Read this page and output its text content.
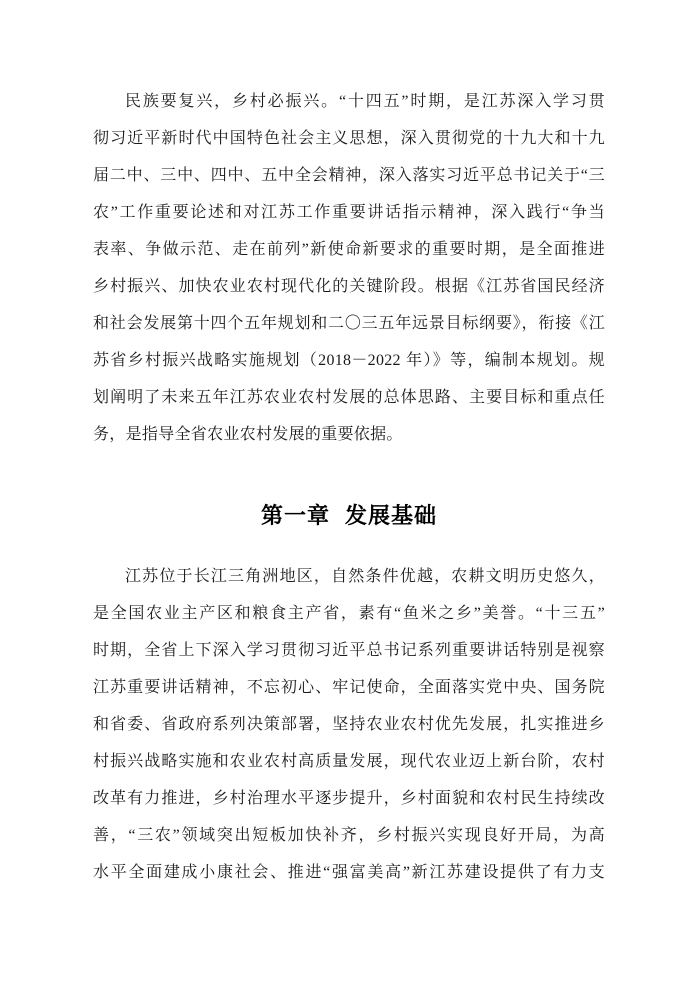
民族要复兴，乡村必振兴。“十四五”时期，是江苏深入学习贯
彻习近平新时代中国特色社会主义思想，深入贯彻党的十九大和十九
届二中、三中、四中、五中全会精神，深入落实习近平总书记关于“三
农”工作重要论述和对江苏工作重要讲话指示精神，深入践行“争当
表率、争做示范、走在前列”新使命新要求的重要时期，是全面推进
乡村振兴、加快农业农村现代化的关键阶段。根据《江苏省国民经济
和社会发展第十四个五年规划和二〇三五年远景目标纲要》，衔接《江
苏省乡村振兴战略实施规划（2018－2022 年）》等，编制本规划。规
划阐明了未来五年江苏农业农村发展的总体思路、主要目标和重点任
务，是指导全省农业农村发展的重要依据。
第一章 发展基础
江苏位于长江三角洲地区，自然条件优越，农耕文明历史悠久，
是全国农业主产区和粮食主产省，素有“鱼米之乡”美誉。“十三五”
时期，全省上下深入学习贯彻习近平总书记系列重要讲话特别是视察
江苏重要讲话精神，不忘初心、牢记使命，全面落实党中央、国务院
和省委、省政府系列决策部署，坚持农业农村优先发展，扎实推进乡
村振兴战略实施和农业农村高质量发展，现代农业迈上新台阶，农村
改革有力推进，乡村治理水平逐步提升，乡村面貌和农村民生持续改
善，“三农”领域突出短板加快补齐，乡村振兴实现良好开局，为高
水平全面建成小康社会、推进“强富美高”新江苏建设提供了有力支
